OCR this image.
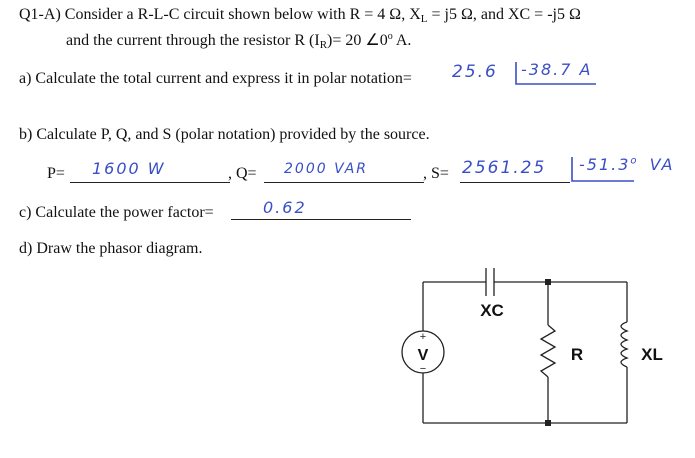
Q1-A) Consider a R-L-C circuit shown below with R = 4 Ω, $X_L = j5$ Ω, and XC = -j5 Ω
and the current through the resistor R $(I_R)= 20$ ∠0$^o$ A.
a) Calculate the total current and express it in polar notation= 25.6 -38.7 A
b) Calculate P, Q, and S (polar notation) provided by the source.
P= 1600 W	, Q= 2000 VAR	, S= 2561.25 -51.3$^o$ VA
c) Calculate the power factor=	0.62
d) Draw the phasor diagram.
+
V
−
XC
R	XL
